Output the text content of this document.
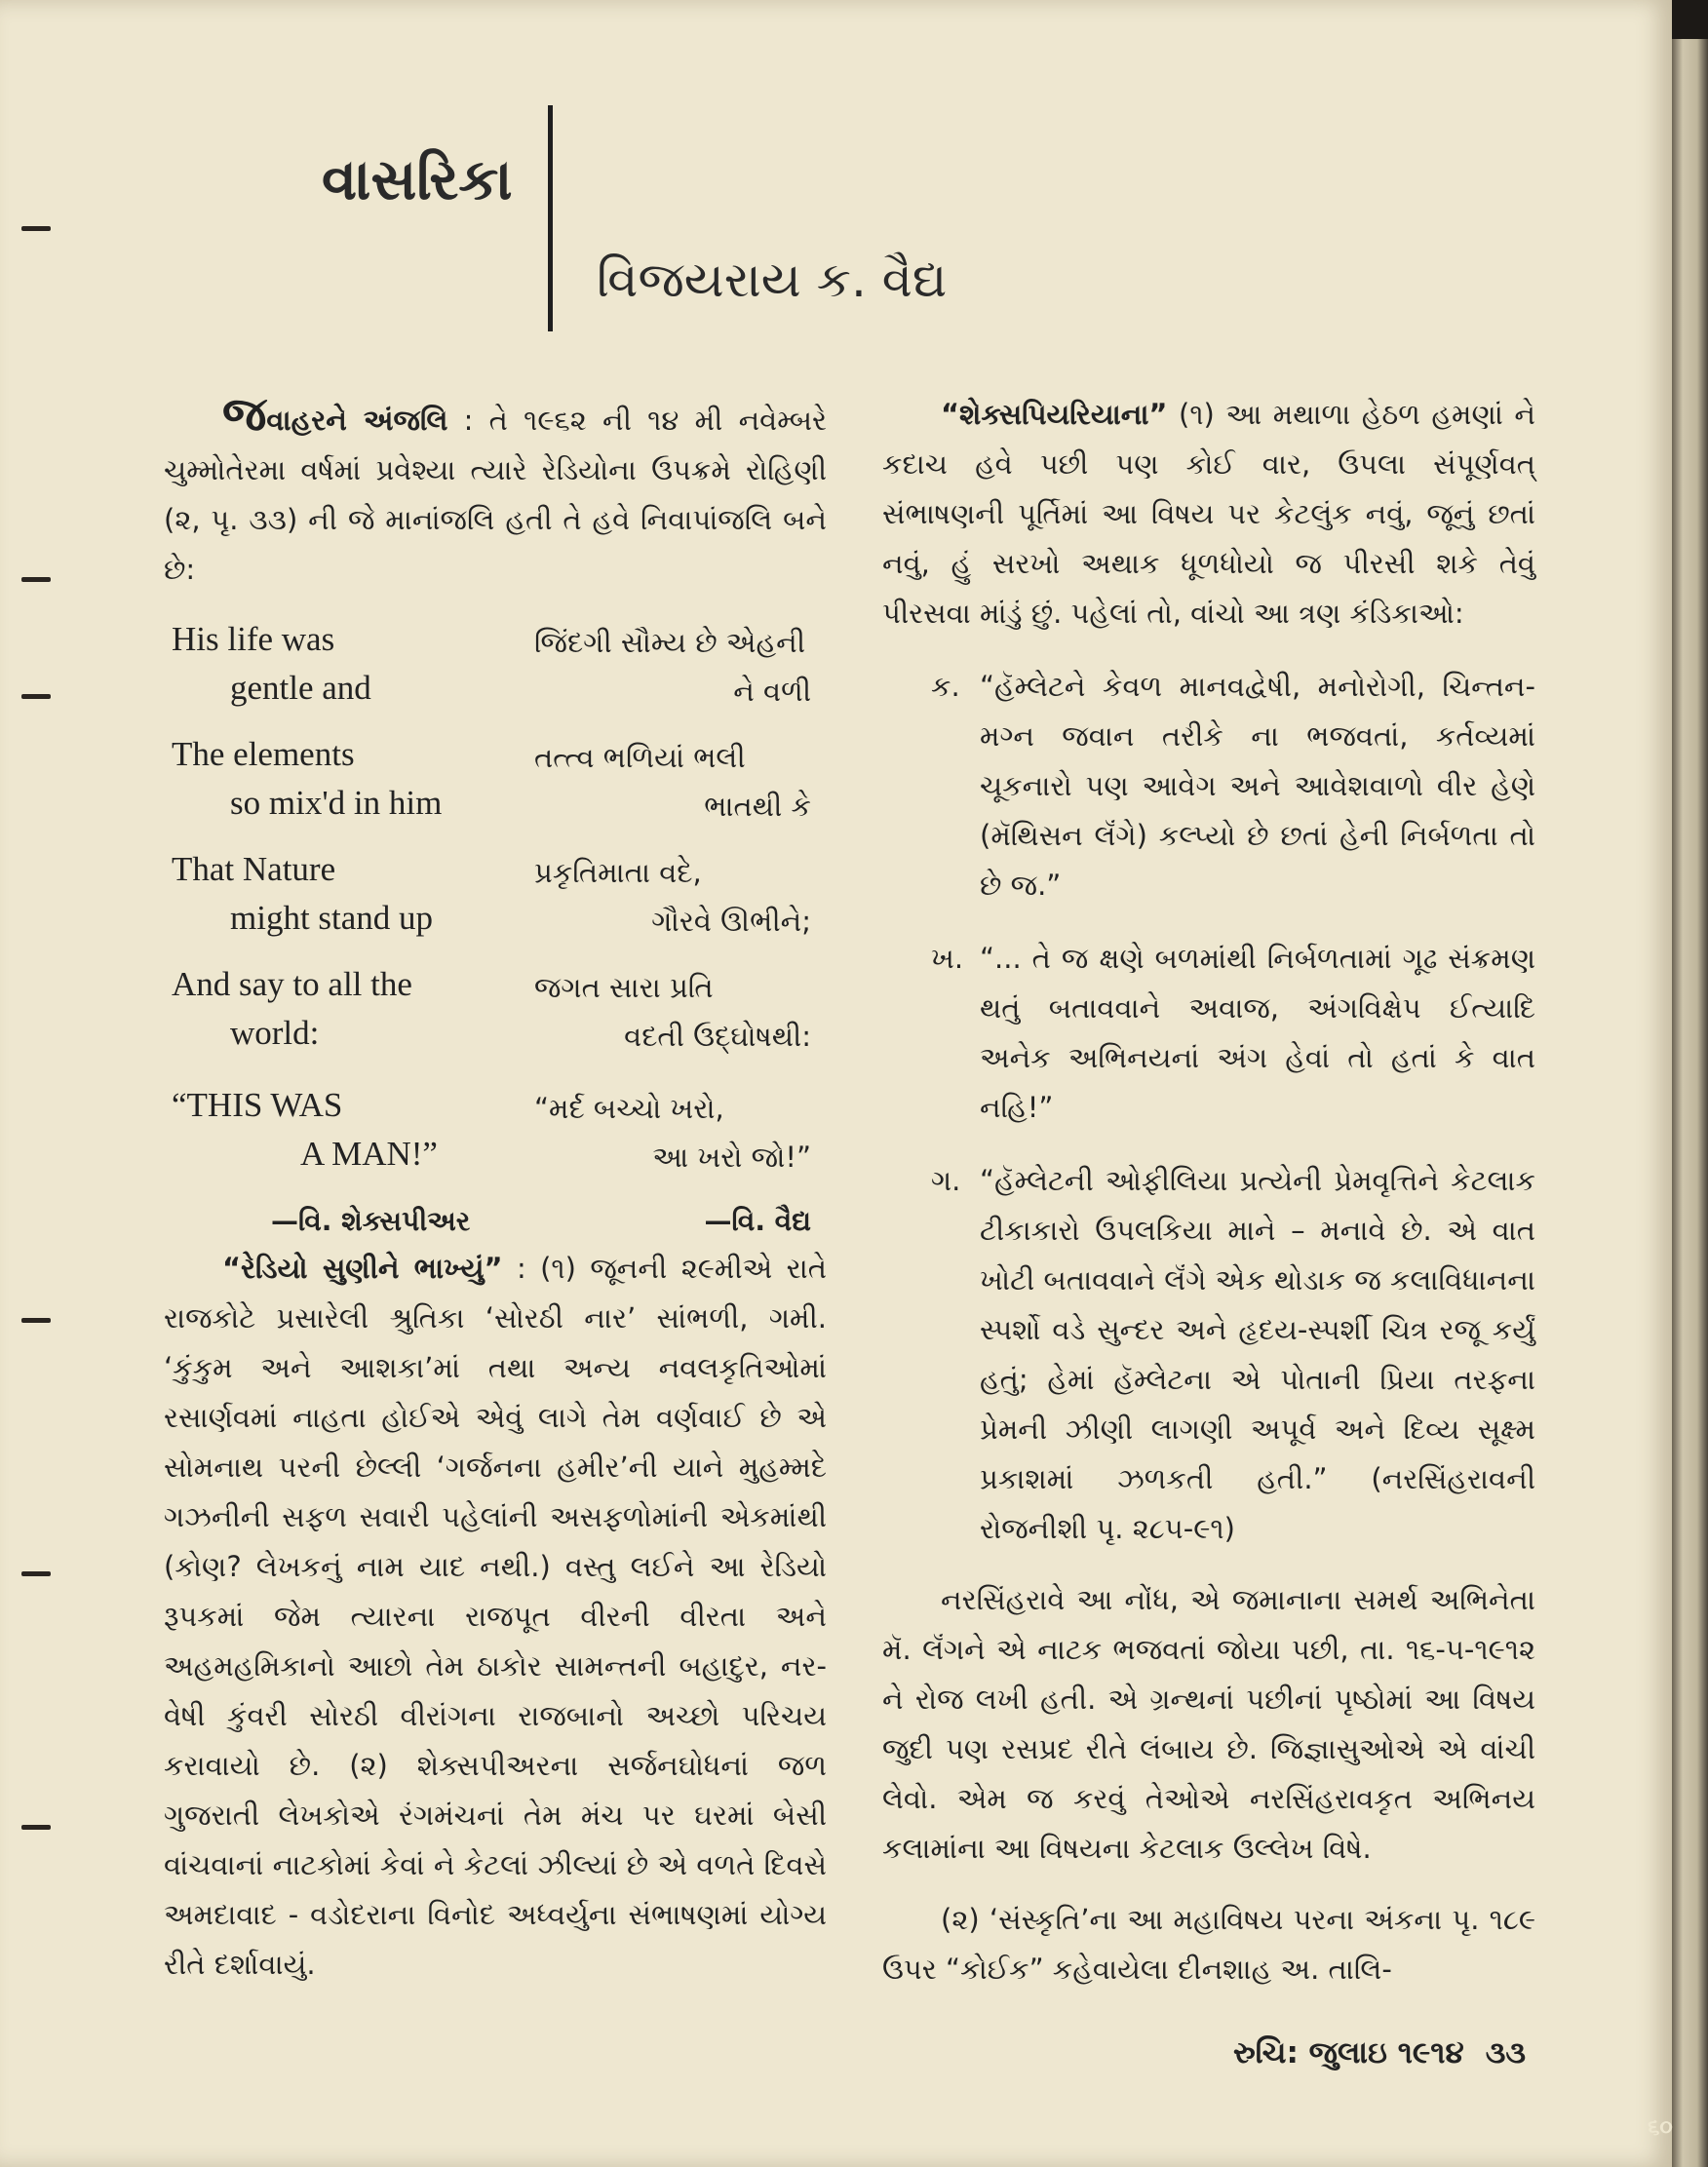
વાસરિકા
વિજયરાય ક. વૈદ્ય

જવાહરને અંજલિ : તે ૧૯૬૨ ની ૧૪ મી નવેમ્બરે ચુમ્મોતેરમા વર્ષમાં પ્રવેશ્યા ત્યારે રેડિયોના ઉપક્રમે રોહિણી (૨, પૃ. ૩૩) ની જે માનાંજલિ હતી તે હવે નિવાપાંજલિ બને છે:

His life was
gentle and
જિંદગી સૌમ્ય છે એહની
ને વળી
The elements
so mix'd in him
તત્ત્વ ભળિયાં ભલી
ભાતથી કે
That Nature
might stand up
પ્રકૃતિમાતા વદે,
ગૌરવે ઊભીને;
And say to all the
world:
જગત સારા પ્રતિ
વદતી ઉદ્‌ઘોષથી:
“THIS WAS
A MAN!”
“મર્દ બચ્ચો ખરો,
આ ખરો જો!”
—વિ. શેક્સપીઅર	—વિ. વૈદ્ય

“રેડિયો સુણીને ભાખ્યું” : (૧) જૂનની ૨૯મીએ રાતે રાજકોટે પ્રસારેલી શ્રુતિકા ‘સોરઠી નાર’ સાંભળી, ગમી. ‘કુંકુમ અને આશકા’માં તથા અન્ય નવલકૃતિઓમાં રસાર્ણવમાં નાહતા હોઈએ એવું લાગે તેમ વર્ણવાઈ છે એ સોમનાથ પરની છેલ્લી ‘ગર્જનના હમીર’ની યાને મુહમ્મદે ગઝનીની સફળ સવારી પહેલાંની અસફળોમાંની એકમાંથી (કોણ? લેખકનું નામ યાદ નથી.) વસ્તુ લઈને આ રેડિયો રૂપકમાં જેમ ત્યારના રાજપૂત વીરની વીરતા અને અહમહમિકાનો આછો તેમ ઠાકોર સામન્તની બહાદુર, નર-વેષી કુંવરી સોરઠી વીરાંગના રાજબાનો અચ્છો પરિચય કરાવાયો છે. (૨) શેક્સપીઅરના સર્જનઘોધનાં જળ ગુજરાતી લેખકોએ રંગમંચનાં તેમ મંચ પર ઘરમાં બેસી વાંચવાનાં નાટકોમાં કેવાં ને કેટલાં ઝીલ્યાં છે એ વળતે દિવસે અમદાવાદ - વડોદરાના વિનોદ અધ્વર્યુના સંભાષણમાં યોગ્ય રીતે દર્શાવાયું.

“શેક્સપિયરિયાના” (૧) આ મથાળા હેઠળ હમણાં ને કદાચ હવે પછી પણ કોઈ વાર, ઉપલા સંપૂર્ણવત્ સંભાષણની પૂર્તિમાં આ વિષય પર કેટલુંક નવું, જૂનું છતાં નવું, હું સરખો અથાક ધૂળધોયો જ પીરસી શકે તેવું પીરસવા માંડું છું. પહેલાં તો, વાંચો આ ત્રણ કંડિકાઓ:

ક. “હૅમ્લેટને કેવળ માનવદ્વેષી, મનોરોગી, ચિન્તન-મગ્ન જવાન તરીકે ના ભજવતાં, કર્તવ્યમાં ચૂકનારો પણ આવેગ અને આવેશવાળો વીર હેણે (મૅથિસન લૅંગે) કલ્પ્યો છે છતાં હેની નિર્બળતા તો છે જ.”

ખ. “... તે જ ક્ષણે બળમાંથી નિર્બળતામાં ગૂઢ સંક્રમણ થતું બતાવવાને અવાજ, અંગવિક્ષેપ ઈત્યાદિ અનેક અભિનયનાં અંગ હેવાં તો હતાં કે વાત નહિ!”

ગ. “હૅમ્લેટની ઓફીલિયા પ્રત્યેની પ્રેમવૃત્તિને કેટલાક ટીકાકારો ઉપલકિયા માને – મનાવે છે. એ વાત ખોટી બતાવવાને લૅંગે એક થોડાક જ કલાવિધાનના સ્પર્શો વડે સુન્દર અને હૃદય-સ્પર્શી ચિત્ર રજૂ કર્યું હતું; હેમાં હૅમ્લેટના એ પોતાની પ્રિયા તરફના પ્રેમની ઝીણી લાગણી અપૂર્વ અને દિવ્ય સૂક્ષ્મ પ્રકાશમાં ઝળકતી હતી.” (નરસિંહરાવની રોજનીશી પૃ. ૨૮૫-૯૧)

નરસિંહરાવે આ નોંધ, એ જમાનાના સમર્થ અભિનેતા મૅ. લૅંગને એ નાટક ભજવતાં જોયા પછી, તા. ૧૬-૫-૧૯૧૨ ને રોજ લખી હતી. એ ગ્રન્થનાં પછીનાં પૃષ્ઠોમાં આ વિષય જુદી પણ રસપ્રદ રીતે લંબાય છે. જિજ્ઞાસુઓએ એ વાંચી લેવો. એમ જ કરવું તેઓએ નરસિંહરાવકૃત અભિનય કલામાંના આ વિષયના કેટલાક ઉલ્લેખ વિષે.

(૨) ‘સંસ્કૃતિ’ના આ મહાવિષય પરના અંકના પૃ. ૧૮૯ ઉપર “કોઈક” કહેવાયેલા દીનશાહ અ. તાલિ-

રુચિ: જુલાઇ ૧૯૧૪ ૩૩
૬૦
